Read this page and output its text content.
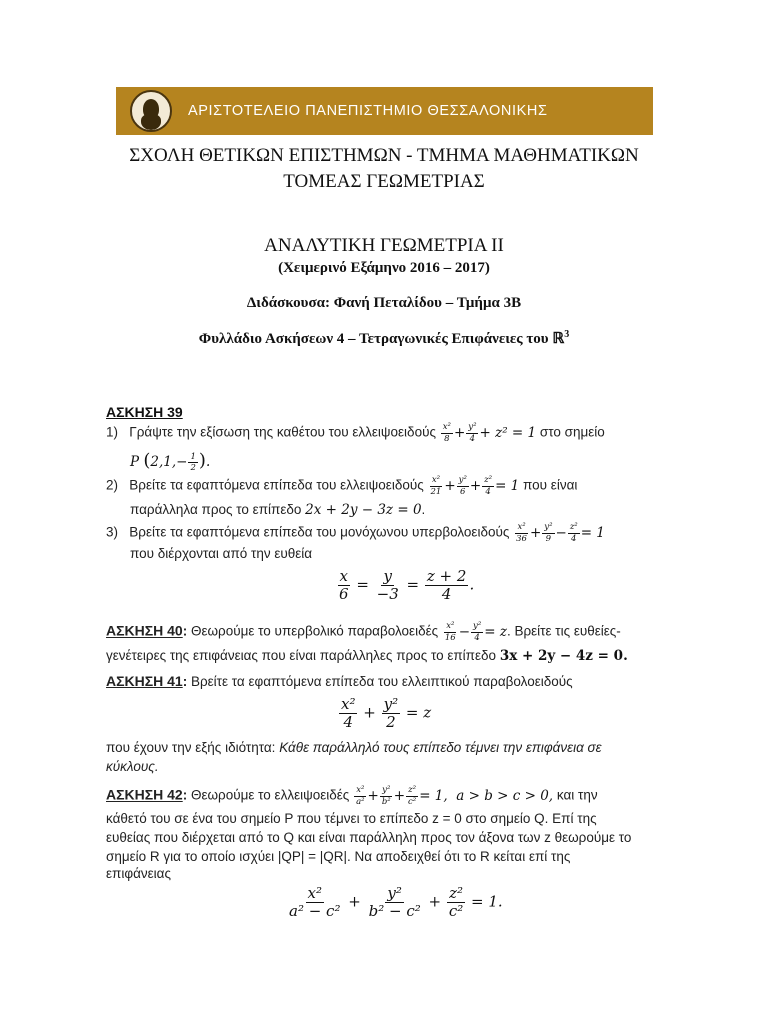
ΑΡΙΣΤΟΤΕΛΕΙΟ ΠΑΝΕΠΙΣΤΗΜΙΟ ΘΕΣΣΑΛΟΝΙΚΗΣ
ΣΧΟΛΗ ΘΕΤΙΚΩΝ ΕΠΙΣΤΗΜΩΝ - ΤΜΗΜΑ ΜΑΘΗΜΑΤΙΚΩΝ
ΤΟΜΕΑΣ ΓΕΩΜΕΤΡΙΑΣ
ΑΝΑΛΥΤΙΚΗ ΓΕΩΜΕΤΡΙΑ ΙΙ
(Χειμερινό Εξάμηνο 2016 – 2017)
Διδάσκουσα: Φανή Πεταλίδου – Τμήμα 3Β
Φυλλάδιο Ασκήσεων 4 – Τετραγωνικές Επιφάνειες του ℝ$^3$
ΑΣΚΗΣΗ 39
1) Γράψτε την εξίσωση της καθέτου του ελλειψοειδούς $\frac{\text{x²}}{8} + \frac{\text{y²}}{4} + z^2 = 1$ στο σημείο
P ($2,1,- \frac{1}{2}$ ).
2) Βρείτε τα εφαπτόμενα επίπεδα του ελλειψοειδούς $\frac{\text{x²}}{21} + \frac{\text{y²}}{6} + \frac{\text{z²}}{4} = 1$ που είναι
παράλληλα προς το επίπεδο 2x + 2y − 3z = 0.
3) Βρείτε τα εφαπτόμενα επίπεδα του μονόχωνου υπερβολοειδούς $\frac{\text{x²}}{36} + \frac{\text{y²}}{9} - \frac{\text{z²}}{4} = 1$
που διέρχονται από την ευθεία
$\frac{x}{6} = \frac{y}{-3} = \frac{z + 2}{4}$ .
ΑΣΚΗΣΗ 40: Θεωρούμε το υπερβολικό παραβολοειδές $\frac{\text{x²}}{16} - \frac{\text{y²}}{4} = z$. Βρείτε τις ευθείες-
γενέτειρες της επιφάνειας που είναι παράλληλες προς το επίπεδο 3x + 2y − 4z = 0.
ΑΣΚΗΣΗ 41: Βρείτε τα εφαπτόμενα επίπεδα του ελλειπτικού παραβολοειδούς
$\frac{\text{x²}}{4} + \frac{\text{y²}}{2} = z$
που έχουν την εξής ιδιότητα: Κάθε παράλληλό τους επίπεδο τέμνει την επιφάνεια σε
κύκλους.
ΑΣΚΗΣΗ 42: Θεωρούμε το ελλειψοειδές $\frac{\text{x²}}{\text{a²}} + \frac{\text{y²}}{\text{b²}} + \frac{\text{z²}}{\text{c²}} = 1$,  a > b > c > 0, και την
κάθετό του σε ένα του σημείο P που τέμνει το επίπεδο z = 0 στο σημείο Q. Επί της
ευθείας που διέρχεται από το Q και είναι παράλληλη προς τον άξονα των z θεωρούμε το
σημείο R για το οποίο ισχύει |QP| = |QR|. Να αποδειχθεί ότι το R κείται επί της
επιφάνειας
$\frac{\text{x²}}{\text{a² − c²}} + \frac{\text{y²}}{\text{b² − c²}} + \frac{\text{z²}}{\text{c²}} = 1$.
